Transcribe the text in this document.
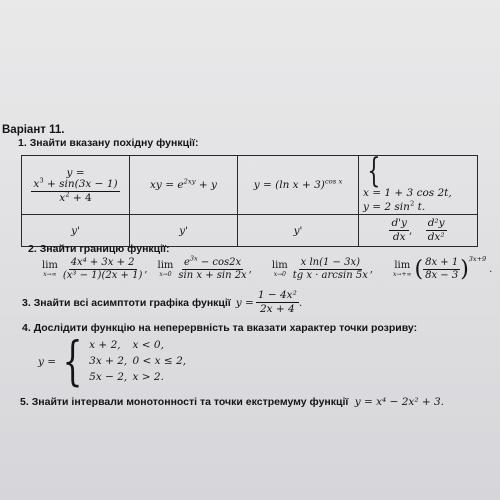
Варіант 11.
1. Знайти вказану похідну функції:
y =
$\frac{x^3 + \sin(3x - 1)}{x^2 + 4}$	xy = $e^{2xy} + y$	y = (ln x + 3)$^{cos x}$	{
x = 1 + 3 cos 2t,
y = 2 $\sin^2 t$.

y'	y'	y'	$\frac{d'y}{dx}$ , $\frac{\text{d²y}}{\text{dx²}}$
2. Знайти границю функції:
lim
$x\to\infty \frac{\text{4x⁴ + 3x + 2}}{\text{(x³ − 1)(2x + 1)}}$ , lim
$x\to 0 \frac{e^{3x} - \cos 2x}{\text{sin x + sin 2x}}$ , lim
$x\to 0 \frac{\text{x ln(1 − 3x)}}{\text{tg x · arcsin 5x}}$ , lim
x→+∞ ( $\frac{8x + 1}{8x - 3}$ ) 3x+9
.
3. Знайти всі асимптоти графіка функції $y = \frac{\text{1 − 4x²}}{2x + 4}$ .
4. Дослідити функцію на неперервність та вказати характер точки розриву:
y = { x + 2, x < 0,
3x + 2, 0 < x ≤ 2,
5x − 2, x > 2.
5. Знайти інтервали монотонності та точки екстремуму функції y = x⁴ − 2x² + 3.
